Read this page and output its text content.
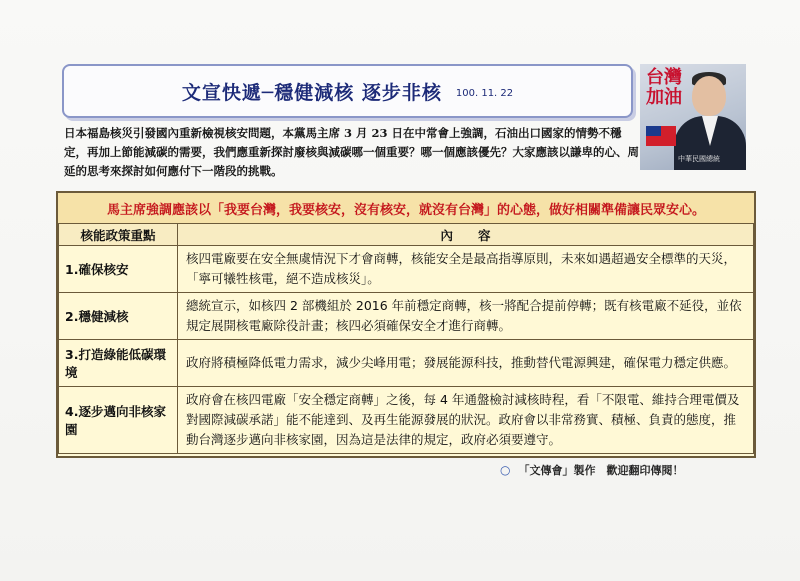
文宣快遞─穩健減核 逐步非核 100. 11. 22
台灣
加油
中華民國總統
日本福島核災引發國內重新檢視核安問題，本黨馬主席 3 月 23 日在中常會上強調，石油出口國家的情勢不穩定，再加上節能減碳的需要，我們應重新探討廢核與減碳哪一個重要？哪一個應該優先？大家應該以謙卑的心、周延的思考來探討如何應付下一階段的挑戰。
馬主席強調應該以「我要台灣，我要核安，沒有核安，就沒有台灣」的心態，做好相關準備讓民眾安心。
核能政策重點	內　　容
1.確保核安	核四電廠要在安全無虞情況下才會商轉，核能安全是最高指導原則，未來如遇超過安全標準的天災，「寧可犧牲核電，絕不造成核災」。
2.穩健減核	總統宣示，如核四 2 部機組於 2016 年前穩定商轉，核一將配合提前停轉；既有核電廠不延役，並依規定展開核電廠除役計畫；核四必須確保安全才進行商轉。
3.打造綠能低碳環境	政府將積極降低電力需求，減少尖峰用電；發展能源科技，推動替代電源興建，確保電力穩定供應。
4.逐步邁向非核家園	政府會在核四電廠「安全穩定商轉」之後，每 4 年通盤檢討減核時程，看「不限電、維持合理電價及對國際減碳承諾」能不能達到、及再生能源發展的狀況。政府會以非常務實、積極、負責的態度，推動台灣逐步邁向非核家園，因為這是法律的規定，政府必須要遵守。
○ 「文傳會」製作　歡迎翻印傳閱！
